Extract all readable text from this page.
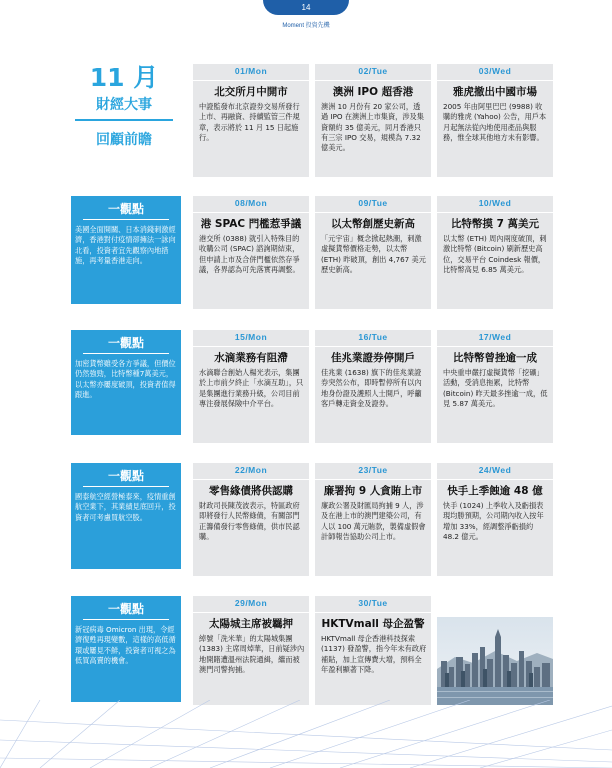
14
Moment 投資先機
11 月
財經大事
回顧前瞻
一觀點
美國全面開關、日本消錢刺激經濟，香港對付疫情卻擁法一詠向北看，投資者宜先觀察內地措施，再考量香港走向。
一觀點
加密貨幣雖受各方爭議，但價位仍然強勁，比特幣種7萬美元，以太幣亦屢度破頂，投資者值得跟進。
一觀點
國泰航空經營極泰來，疫情重創航空業下，其業績見底回升，投資者可考慮買航空股。
一觀點
新冠病毒 Omicron 出現，令經濟復甦再現變數，這樣的高低循環或屢見不鮮，投資者可視之為低買高賣的機會。
01/Mon
北交所月中開市
中證監發布北京證券交易所發行上市、再融資、持續監管三件規章，表示將於 11 月 15 日起施行。
02/Tue
澳洲 IPO 超香港
澳洲 10 月份有 20 家公司，透過 IPO 在澳洲上市集資，涉及集資額約 35 億美元，同月香港只有三宗 IPO 交易，規模為 7.32 億美元。
03/Wed
雅虎撤出中國市場
2005 年由阿里巴巴 (9988) 收購的雅虎 (Yahoo) 公告，用戶本月起無法從內地使用產品與服務，惟全球其他地方未有影響。
08/Mon
港 SPAC 門檻惹爭議
港交所 (0388) 就引入特殊目的收購公司 (SPAC) 諮詢期結束，但申請上市及合併門檻依然存爭議，各界認為可先落實再調整。
09/Tue
以太幣創歷史新高
「元宇宙」概念掀起熱潮，刺激虛擬貨幣價格走勢，以太幣 (ETH) 昨破頂，創出 4,767 美元歷史新高。
10/Wed
比特幣摸 7 萬美元
以太幣 (ETH) 周內兩度破頂，刺激比特幣 (Bitcoin) 刷新歷史高位，交易平台 Coindesk 報價，比特幣高見 6.85 萬美元。
15/Mon
水滴業務有阻滯
水滴聯合創始人楊光表示，集團於上市前夕終止「水滴互助」，只是集團進行業務升級，公司目前專注發展保險中介平台。
16/Tue
佳兆業證券停開戶
佳兆業 (1638) 旗下的佳兆業證券突然公布，即時暫停所有以內地身份證及護照人士開戶，呼籲客戶轉走資金及證券。
17/Wed
比特幣曾挫逾一成
中央重申嚴打虛擬貨幣「挖礦」活動，受消息拖累，比特幣 (Bitcoin) 昨天最多挫逾一成，低見 5.87 萬美元。
22/Mon
零售緣債將供認購
財政司長陳茂波表示，特區政府即將發行人民幣綠債，有關部門正籌備發行零售綠債，供市民認購。
23/Tue
廉署拘 9 人貪賄上市
廉政公署及財匯局拘捕 9 人，涉及在港上市的澳門建築公司，有人以 100 萬元賄款，製備虛假會計師報告協助公司上市。
24/Wed
快手上季蝕逾 48 億
快手 (1024) 上季收入及虧損表現均勝預期，公司期內收入按年增加 33%，經調整淨虧損約 48.2 億元。
29/Mon
太陽城主席被羈押
綽號「洗米華」的太陽城集團 (1383) 主席周焯華，日前疑涉內地開賭遭溫州法院通緝，繼而被澳門司警拘捕。
30/Tue
HKTVmall 母企盈警
HKTVmall 母企香港科技探索 (1137) 發盈警，指今年未有政府補貼，加上宣傳費大增，預料全年盈利顯著下降。
